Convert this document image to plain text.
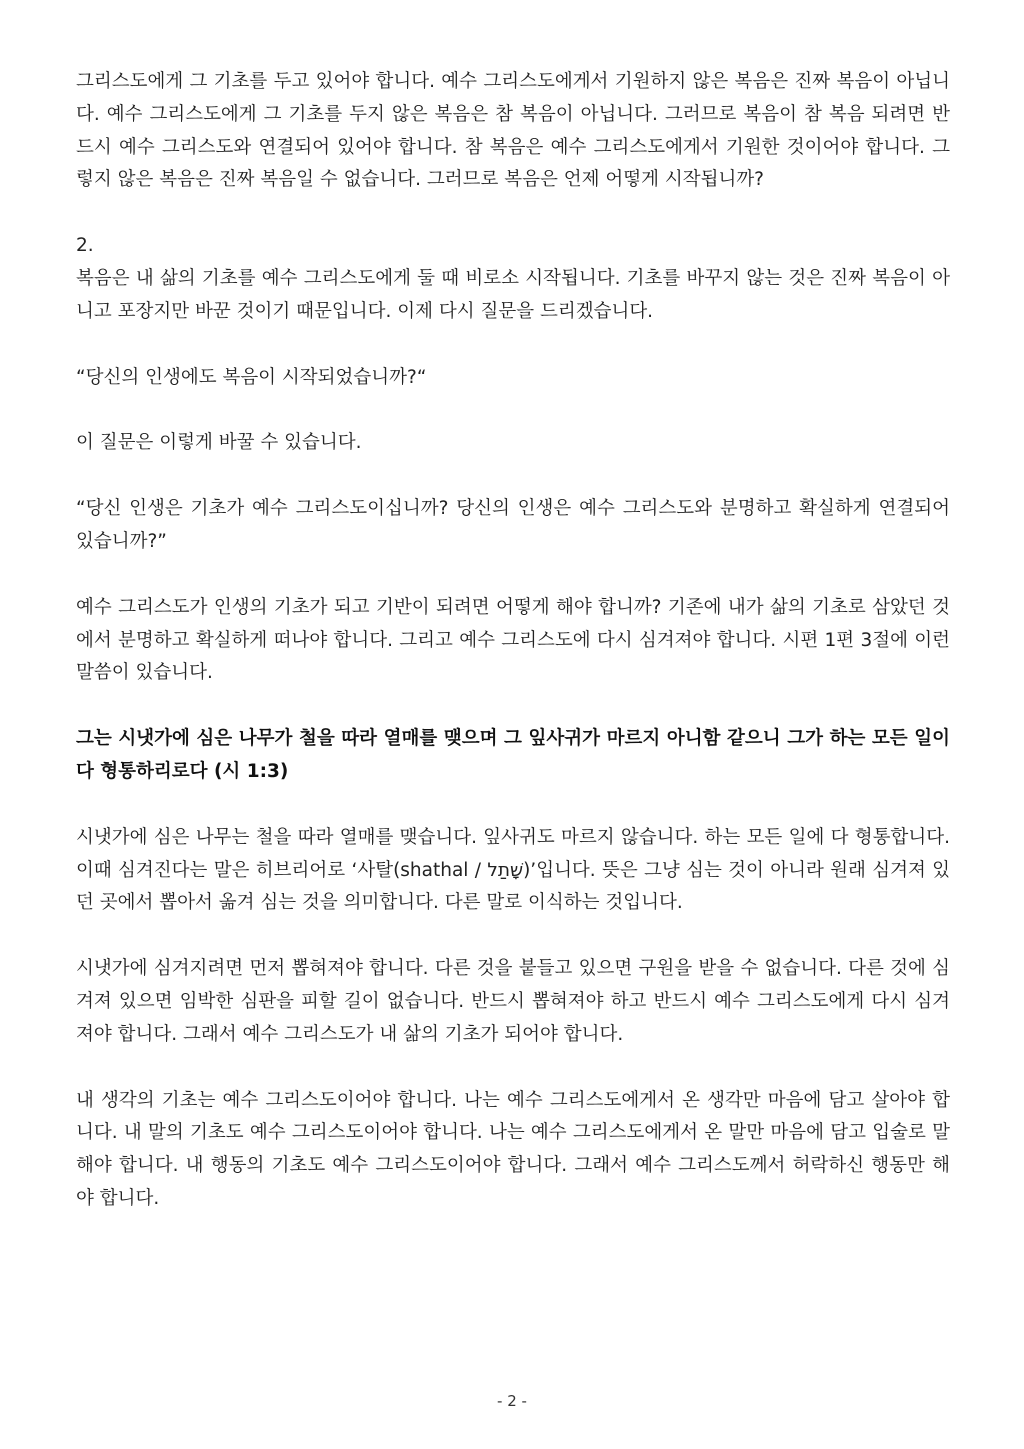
그리스도에게 그 기초를 두고 있어야 합니다. 예수 그리스도에게서 기원하지 않은 복음은 진짜 복음이 아닙니다. 예수 그리스도에게 그 기초를 두지 않은 복음은 참 복음이 아닙니다. 그러므로 복음이 참 복음 되려면 반드시 예수 그리스도와 연결되어 있어야 합니다. 참 복음은 예수 그리스도에게서 기원한 것이어야 합니다. 그렇지 않은 복음은 진짜 복음일 수 없습니다. 그러므로 복음은 언제 어떻게 시작됩니까?

2.

복음은 내 삶의 기초를 예수 그리스도에게 둘 때 비로소 시작됩니다. 기초를 바꾸지 않는 것은 진짜 복음이 아니고 포장지만 바꾼 것이기 때문입니다. 이제 다시 질문을 드리겠습니다.

“당신의 인생에도 복음이 시작되었습니까?“

이 질문은 이렇게 바꿀 수 있습니다.

“당신 인생은 기초가 예수 그리스도이십니까? 당신의 인생은 예수 그리스도와 분명하고 확실하게 연결되어 있습니까?”

예수 그리스도가 인생의 기초가 되고 기반이 되려면 어떻게 해야 합니까? 기존에 내가 삶의 기초로 삼았던 것에서 분명하고 확실하게 떠나야 합니다. 그리고 예수 그리스도에 다시 심겨져야 합니다. 시편 1편 3절에 이런 말씀이 있습니다.

그는 시냇가에 심은 나무가 철을 따라 열매를 맺으며 그 잎사귀가 마르지 아니함 같으니 그가 하는 모든 일이 다 형통하리로다 (시 1:3)

시냇가에 심은 나무는 철을 따라 열매를 맺습니다. 잎사귀도 마르지 않습니다. 하는 모든 일에 다 형통합니다. 이때 심겨진다는 말은 히브리어로 ‘사탈(shathal / שָׁתַל)’입니다. 뜻은 그냥 심는 것이 아니라 원래 심겨져 있던 곳에서 뽑아서 옮겨 심는 것을 의미합니다. 다른 말로 이식하는 것입니다.

시냇가에 심겨지려면 먼저 뽑혀져야 합니다. 다른 것을 붙들고 있으면 구원을 받을 수 없습니다. 다른 것에 심겨져 있으면 임박한 심판을 피할 길이 없습니다. 반드시 뽑혀져야 하고 반드시 예수 그리스도에게 다시 심겨져야 합니다. 그래서 예수 그리스도가 내 삶의 기초가 되어야 합니다.

내 생각의 기초는 예수 그리스도이어야 합니다. 나는 예수 그리스도에게서 온 생각만 마음에 담고 살아야 합니다. 내 말의 기초도 예수 그리스도이어야 합니다. 나는 예수 그리스도에게서 온 말만 마음에 담고 입술로 말해야 합니다. 내 행동의 기초도 예수 그리스도이어야 합니다. 그래서 예수 그리스도께서 허락하신 행동만 해야 합니다.

- 2 -
